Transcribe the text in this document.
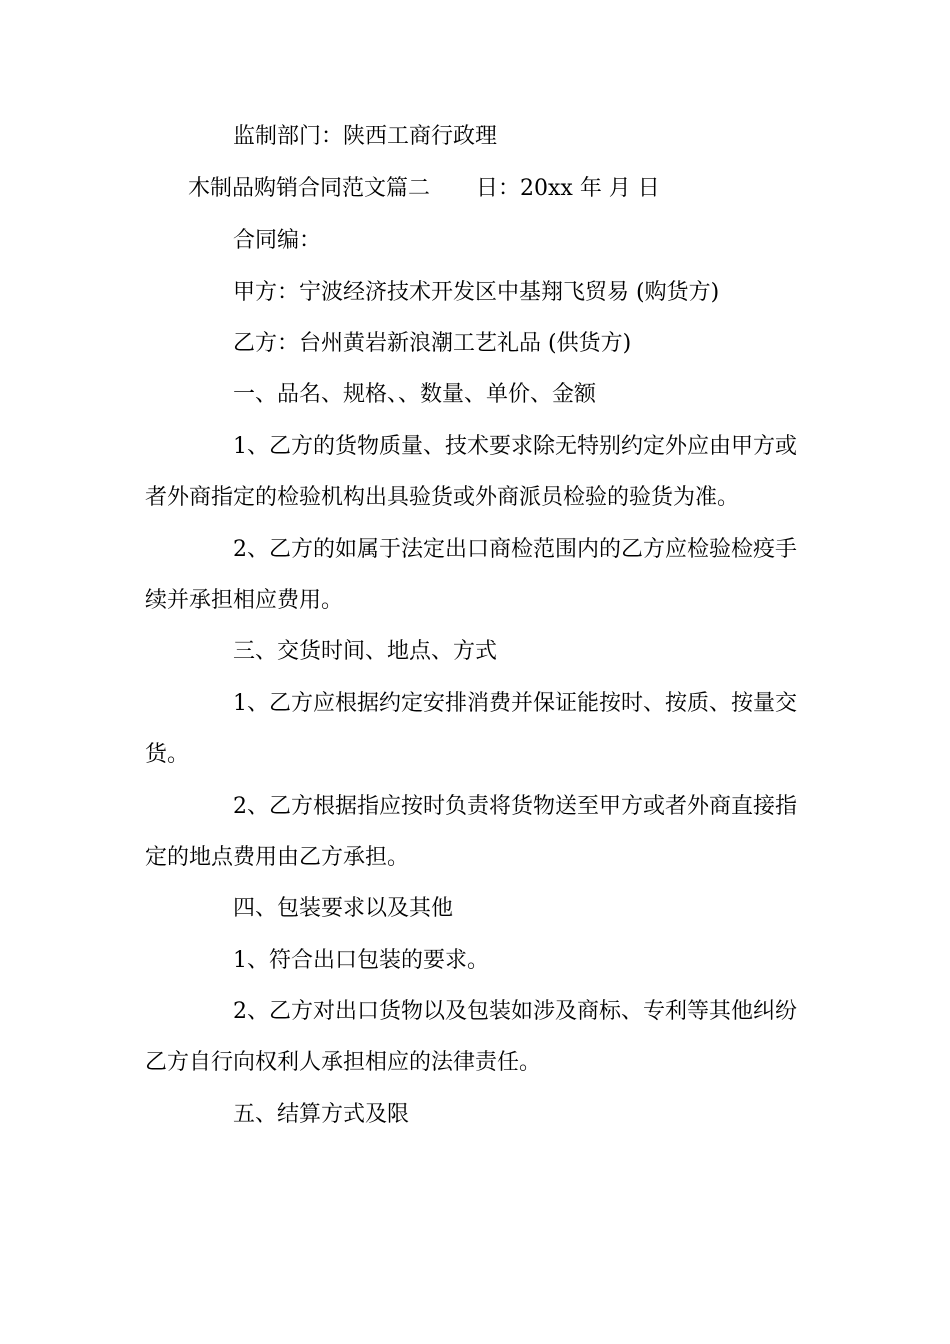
监制部门：陕西工商行政理

木制品购销合同范文篇二 日：20xx 年 月 日

合同编：

甲方：宁波经济技术开发区中基翔飞贸易 (购货方)

乙方：台州黄岩新浪潮工艺礼品 (供货方)

一、品名、规格、、数量、单价、金额

1、乙方的货物质量、技术要求除无特别约定外应由甲方或

者外商指定的检验机构出具验货或外商派员检验的验货为准。

2、乙方的如属于法定出口商检范围内的乙方应检验检疫手

续并承担相应费用。

三、交货时间、地点、方式

1、乙方应根据约定安排消费并保证能按时、按质、按量交

货。

2、乙方根据指应按时负责将货物送至甲方或者外商直接指

定的地点费用由乙方承担。

四、包装要求以及其他

1、符合出口包装的要求。

2、乙方对出口货物以及包装如涉及商标、专利等其他纠纷

乙方自行向权利人承担相应的法律责任。

五、结算方式及限
